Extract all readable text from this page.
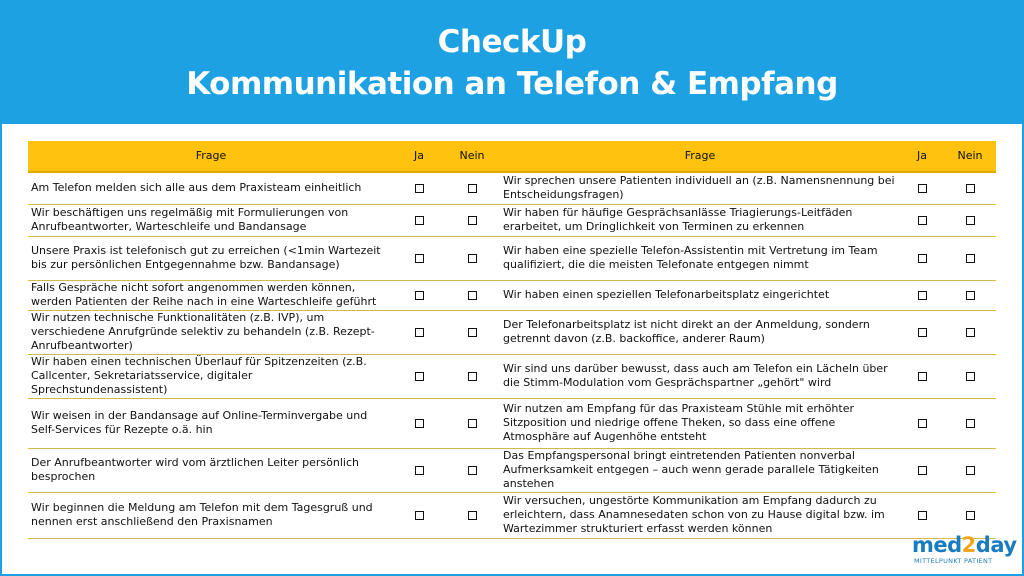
CheckUp
Kommunikation an Telefon & Empfang
Frage	Ja	Nein	Frage	Ja	Nein
Am Telefon melden sich alle aus dem Praxisteam einheitlich			Wir sprechen unsere Patienten individuell an (z.B. Namensnennung bei Entscheidungsfragen)		
Wir beschäftigen uns regelmäßig mit Formulierungen von Anrufbeantworter, Warteschleife und Bandansage			Wir haben für häufige Gesprächsanlässe Triagierungs-Leitfäden erarbeitet, um Dringlichkeit von Terminen zu erkennen		
Unsere Praxis ist telefonisch gut zu erreichen (<1min Wartezeit bis zur persönlichen Entgegennahme bzw. Bandansage)			Wir haben eine spezielle Telefon-Assistentin mit Vertretung im Team qualifiziert, die die meisten Telefonate entgegen nimmt		
Falls Gespräche nicht sofort angenommen werden können, werden Patienten der Reihe nach in eine Warteschleife geführt			Wir haben einen speziellen Telefonarbeitsplatz eingerichtet		
Wir nutzen technische Funktionalitäten (z.B. IVP), um verschiedene Anrufgründe selektiv zu behandeln (z.B. Rezept-Anrufbeantworter)			Der Telefonarbeitsplatz ist nicht direkt an der Anmeldung, sondern getrennt davon (z.B. backoffice, anderer Raum)		
Wir haben einen technischen Überlauf für Spitzenzeiten (z.B. Callcenter, Sekretariatsservice, digitaler Sprechstundenassistent)			Wir sind uns darüber bewusst, dass auch am Telefon ein Lächeln über die Stimm-Modulation vom Gesprächspartner „gehört" wird		
Wir weisen in der Bandansage auf Online-Terminvergabe und Self-Services für Rezepte o.ä. hin			Wir nutzen am Empfang für das Praxisteam Stühle mit erhöhter Sitzposition und niedrige offene Theken, so dass eine offene Atmosphäre auf Augenhöhe entsteht		
Der Anrufbeantworter wird vom ärztlichen Leiter persönlich besprochen			Das Empfangspersonal bringt eintretenden Patienten nonverbal Aufmerksamkeit entgegen – auch wenn gerade parallele Tätigkeiten anstehen		
Wir beginnen die Meldung am Telefon mit dem Tagesgruß und nennen erst anschließend den Praxisnamen			Wir versuchen, ungestörte Kommunikation am Empfang dadurch zu erleichtern, dass Anamnesedaten schon von zu Hause digital bzw. im Wartezimmer strukturiert erfasst werden können		
med2day
MITTELPUNKT PATIENT
